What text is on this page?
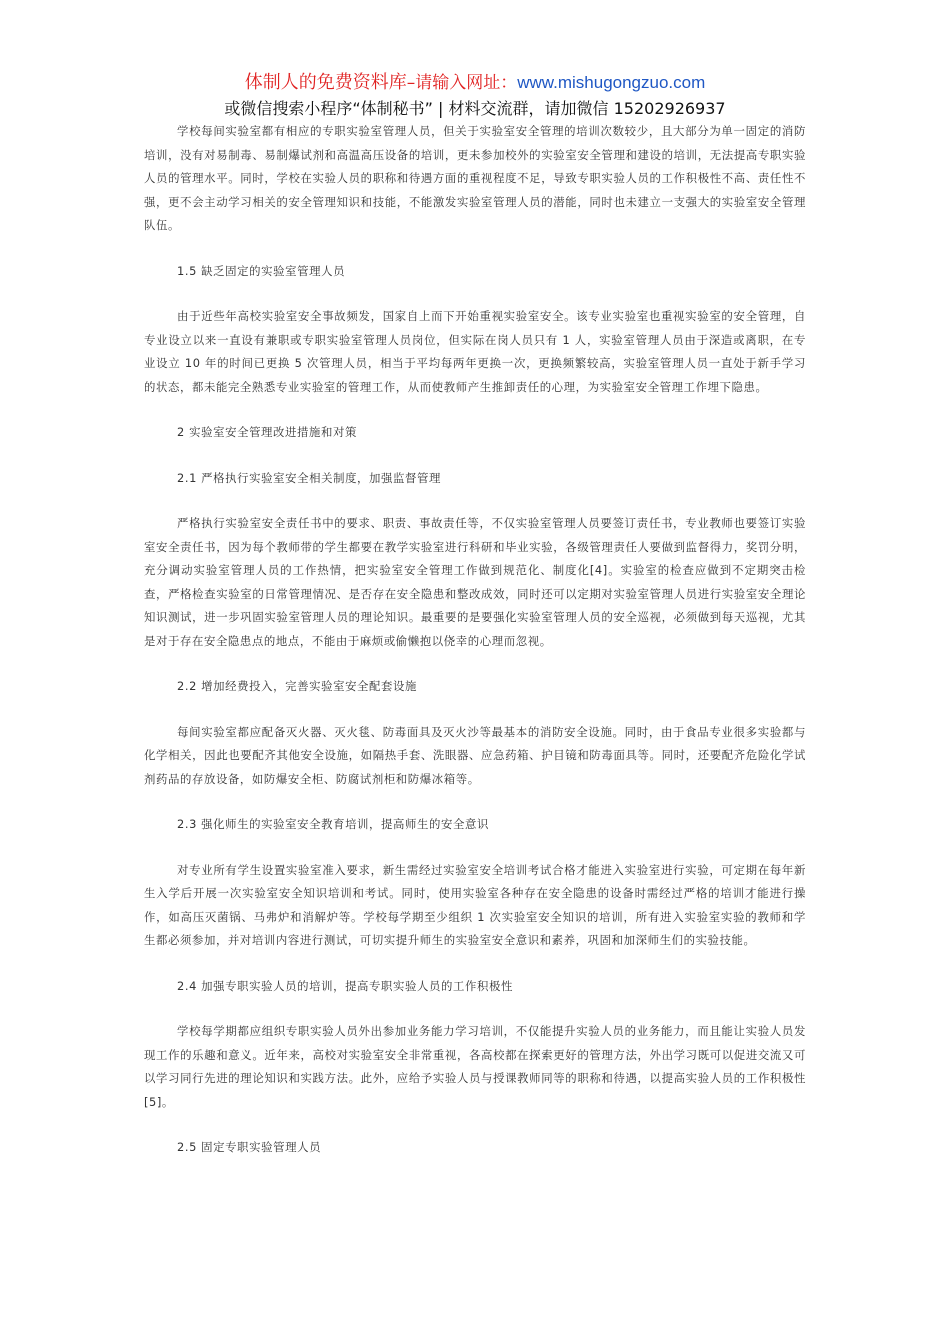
体制人的免费资料库–请输入网址：www.mishugongzuo.com
或微信搜索小程序“体制秘书” | 材料交流群，请加微信 15202926937

学校每间实验室都有相应的专职实验室管理人员，但关于实验室安全管理的培训次数较少，且大部分为单一固定的消防培训，没有对易制毒、易制爆试剂和高温高压设备的培训，更未参加校外的实验室安全管理和建设的培训，无法提高专职实验人员的管理水平。同时，学校在实验人员的职称和待遇方面的重视程度不足，导致专职实验人员的工作积极性不高、责任性不强，更不会主动学习相关的安全管理知识和技能，不能激发实验室管理人员的潜能，同时也未建立一支强大的实验室安全管理队伍。

1.5 缺乏固定的实验室管理人员

由于近些年高校实验室安全事故频发，国家自上而下开始重视实验室安全。该专业实验室也重视实验室的安全管理，自专业设立以来一直设有兼职或专职实验室管理人员岗位，但实际在岗人员只有 1 人，实验室管理人员由于深造或离职，在专业设立 10 年的时间已更换 5 次管理人员，相当于平均每两年更换一次，更换频繁较高，实验室管理人员一直处于新手学习的状态，都未能完全熟悉专业实验室的管理工作，从而使教师产生推卸责任的心理，为实验室安全管理工作埋下隐患。

2 实验室安全管理改进措施和对策

2.1 严格执行实验室安全相关制度，加强监督管理

严格执行实验室安全责任书中的要求、职责、事故责任等，不仅实验室管理人员要签订责任书，专业教师也要签订实验室安全责任书，因为每个教师带的学生都要在教学实验室进行科研和毕业实验，各级管理责任人要做到监督得力，奖罚分明，充分调动实验室管理人员的工作热情，把实验室安全管理工作做到规范化、制度化[4]。实验室的检查应做到不定期突击检查，严格检查实验室的日常管理情况、是否存在安全隐患和整改成效，同时还可以定期对实验室管理人员进行实验室安全理论知识测试，进一步巩固实验室管理人员的理论知识。最重要的是要强化实验室管理人员的安全巡视，必须做到每天巡视，尤其是对于存在安全隐患点的地点，不能由于麻烦或偷懒抱以侥幸的心理而忽视。

2.2 增加经费投入，完善实验室安全配套设施

每间实验室都应配备灭火器、灭火毯、防毒面具及灭火沙等最基本的消防安全设施。同时，由于食品专业很多实验都与化学相关，因此也要配齐其他安全设施，如隔热手套、洗眼器、应急药箱、护目镜和防毒面具等。同时，还要配齐危险化学试剂药品的存放设备，如防爆安全柜、防腐试剂柜和防爆冰箱等。

2.3 强化师生的实验室安全教育培训，提高师生的安全意识

对专业所有学生设置实验室准入要求，新生需经过实验室安全培训考试合格才能进入实验室进行实验，可定期在每年新生入学后开展一次实验室安全知识培训和考试。同时，使用实验室各种存在安全隐患的设备时需经过严格的培训才能进行操作，如高压灭菌锅、马弗炉和消解炉等。学校每学期至少组织 1 次实验室安全知识的培训，所有进入实验室实验的教师和学生都必须参加，并对培训内容进行测试，可切实提升师生的实验室安全意识和素养，巩固和加深师生们的实验技能。

2.4 加强专职实验人员的培训，提高专职实验人员的工作积极性

学校每学期都应组织专职实验人员外出参加业务能力学习培训，不仅能提升实验人员的业务能力，而且能让实验人员发现工作的乐趣和意义。近年来，高校对实验室安全非常重视，各高校都在探索更好的管理方法，外出学习既可以促进交流又可以学习同行先进的理论知识和实践方法。此外，应给予实验人员与授课教师同等的职称和待遇，以提高实验人员的工作积极性[5]。

2.5 固定专职实验管理人员
